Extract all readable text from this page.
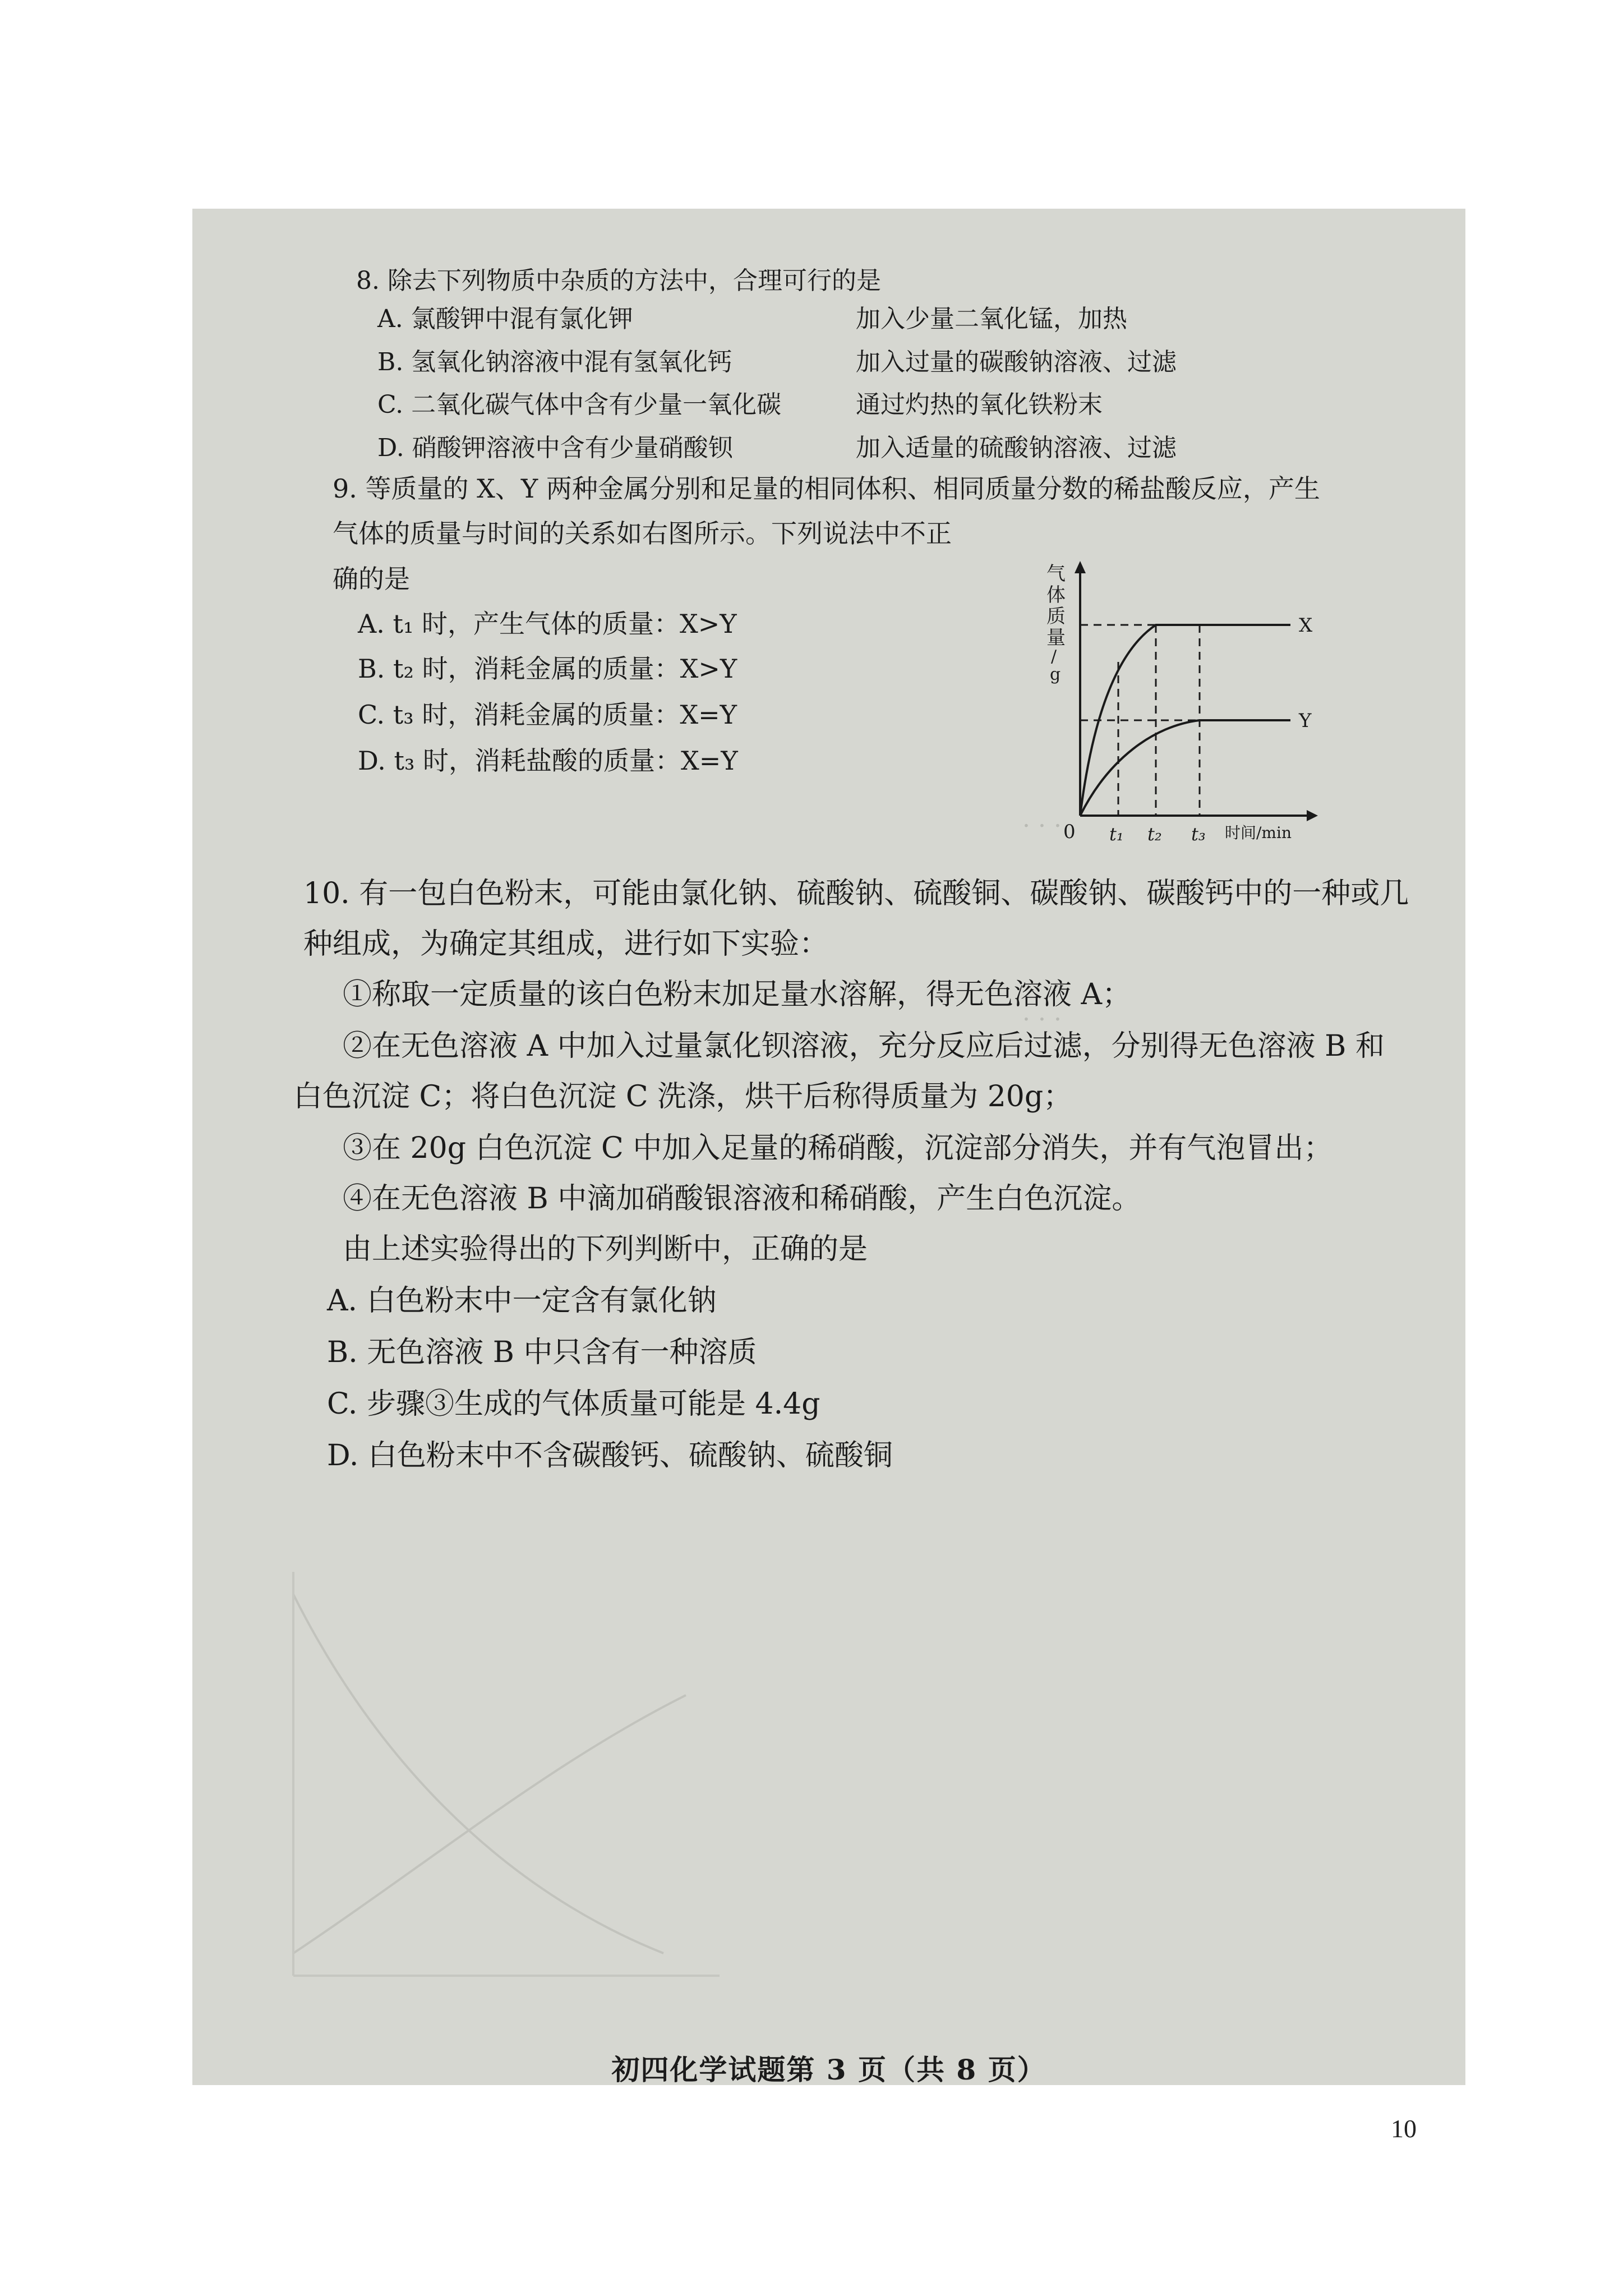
· · ·
· · ·
8. 除去下列物质中杂质的方法中，合理可行的是
A. 氯酸钾中混有氯化钾	加入少量二氧化锰，加热
B. 氢氧化钠溶液中混有氢氧化钙	加入过量的碳酸钠溶液、过滤
C. 二氧化碳气体中含有少量一氧化碳	通过灼热的氧化铁粉末
D. 硝酸钾溶液中含有少量硝酸钡	加入适量的硫酸钠溶液、过滤
9. 等质量的 X、Y 两种金属分别和足量的相同体积、相同质量分数的稀盐酸反应，产生
气体的质量与时间的关系如右图所示。下列说法中不正
确的是
A. t₁ 时，产生气体的质量：X>Y
B. t₂ 时，消耗金属的质量：X>Y
C. t₃ 时，消耗金属的质量：X=Y
D. t₃ 时，消耗盐酸的质量：X=Y
气
体
质
量
/
g
X
Y
0 t₁ t₂ t₃ 时间/min
10. 有一包白色粉末，可能由氯化钠、硫酸钠、硫酸铜、碳酸钠、碳酸钙中的一种或几
种组成，为确定其组成，进行如下实验：
①称取一定质量的该白色粉末加足量水溶解，得无色溶液 A；
②在无色溶液 A 中加入过量氯化钡溶液，充分反应后过滤，分别得无色溶液 B 和
白色沉淀 C；将白色沉淀 C 洗涤，烘干后称得质量为 20g；
③在 20g 白色沉淀 C 中加入足量的稀硝酸，沉淀部分消失，并有气泡冒出；
④在无色溶液 B 中滴加硝酸银溶液和稀硝酸，产生白色沉淀。
由上述实验得出的下列判断中，正确的是
A. 白色粉末中一定含有氯化钠
B. 无色溶液 B 中只含有一种溶质
C. 步骤③生成的气体质量可能是 4.4g
D. 白色粉末中不含碳酸钙、硫酸钠、硫酸铜
初四化学试题第 3 页（共 8 页）
10
